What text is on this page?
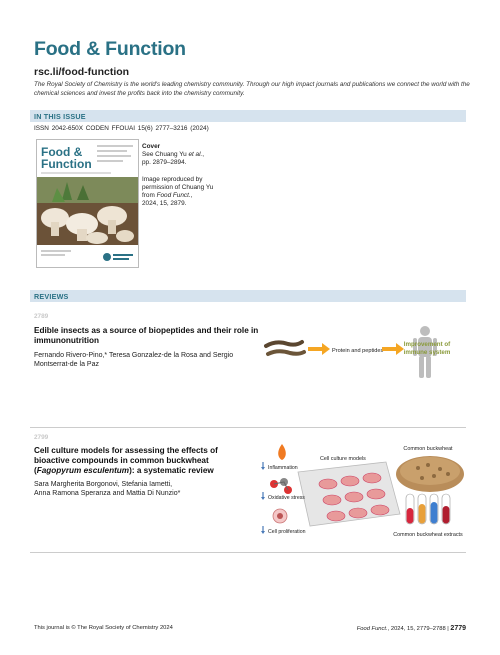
Food & Function
rsc.li/food-function
The Royal Society of Chemistry is the world's leading chemistry community. Through our high impact journals and publications we connect the world with the chemical sciences and invest the profits back into the chemistry community.
IN THIS ISSUE
ISSN 2042-650X CODEN FFOUAI 15(6) 2777–3216 (2024)
Food &
Function
Cover
See Chuang Yu et al.,
pp. 2879–2894.
Image reproduced by
permission of Chuang Yu
from Food Funct.,
2024, 15, 2879.
REVIEWS
2789
Edible insects as a source of biopeptides and their role in immunonutrition
Fernando Rivero-Pino,* Teresa Gonzalez-de la Rosa and Sergio Montserrat-de la Paz
Protein and peptides
Improvement of
immune system
2799
Cell culture models for assessing the effects of
bioactive compounds in common buckwheat
(Fagopyrum esculentum): a systematic review
Sara Margherita Borgonovi, Stefania Iametti,
Anna Ramona Speranza and Mattia Di Nunzio*
Common buckwheat
Cell culture models
Inflammation
Oxidative stress
Cell proliferation	Common buckwheat extracts
This journal is © The Royal Society of Chemistry 2024	Food Funct., 2024, 15, 2779–2788 | 2779
